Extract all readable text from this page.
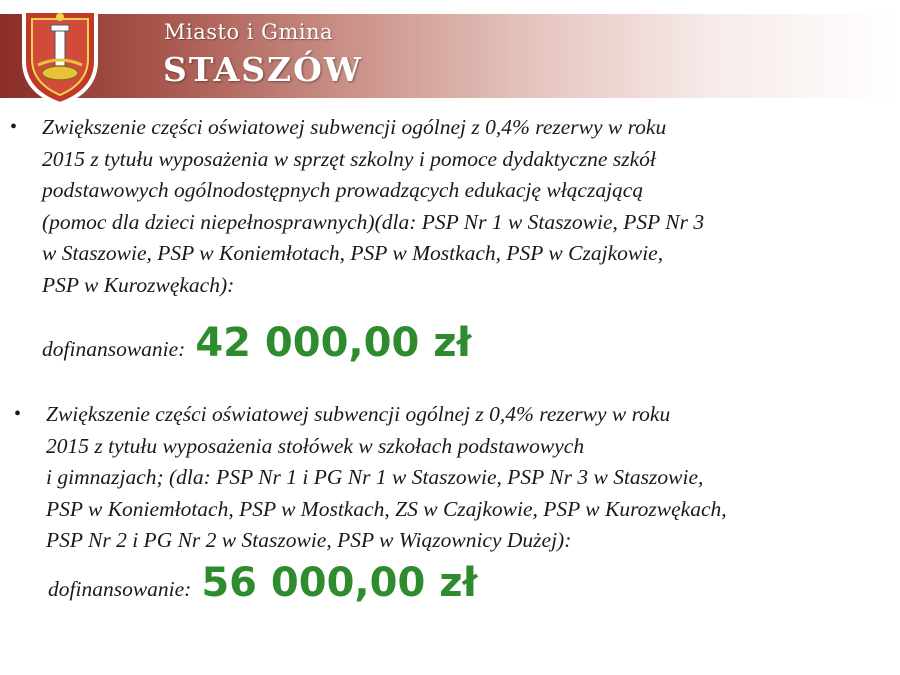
Miasto i Gmina
STASZÓW
• Zwiększenie części oświatowej subwencji ogólnej z 0,4% rezerwy w roku
2015 z tytułu wyposażenia w sprzęt szkolny i pomoce dydaktyczne szkół
podstawowych ogólnodostępnych prowadzących edukację włączającą
(pomoc dla dzieci niepełnosprawnych)(dla: PSP Nr 1 w Staszowie, PSP Nr 3
w Staszowie, PSP w Koniemłotach, PSP w Mostkach, PSP w Czajkowie,
PSP w Kurozwękach):
dofinansowanie: 42 000,00 zł
• Zwiększenie części oświatowej subwencji ogólnej z 0,4% rezerwy w roku
2015 z tytułu wyposażenia stołówek w szkołach podstawowych
i gimnazjach; (dla: PSP Nr 1 i PG Nr 1 w Staszowie, PSP Nr 3 w Staszowie,
PSP w Koniemłotach, PSP w Mostkach, ZS w Czajkowie, PSP w Kurozwękach,
PSP Nr 2 i PG Nr 2 w Staszowie, PSP w Wiązownicy Dużej):
dofinansowanie: 56 000,00 zł
